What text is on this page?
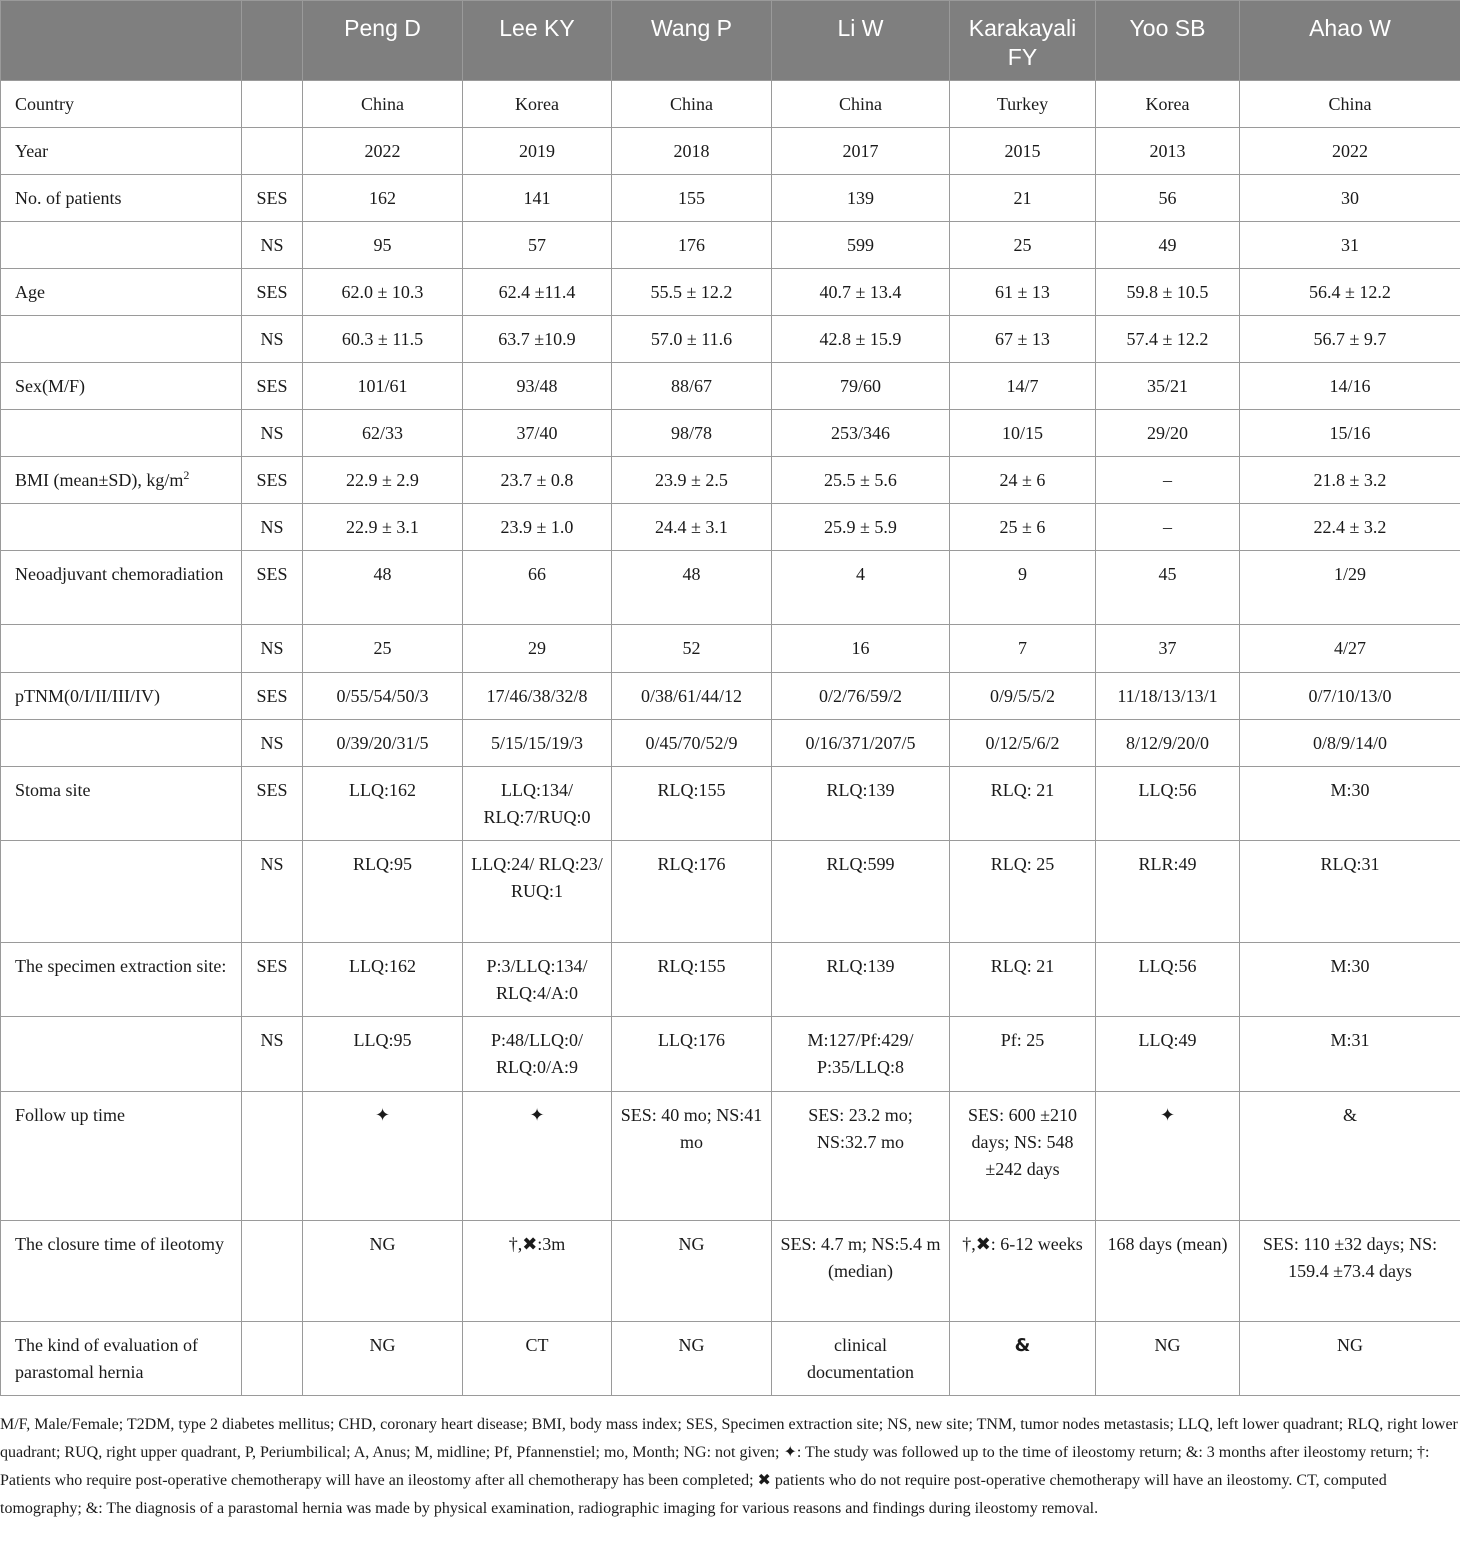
		Peng D	Lee KY	Wang P	Li W	Karakayali FY	Yoo SB	Ahao W
Country		China	Korea	China	China	Turkey	Korea	China
Year		2022	2019	2018	2017	2015	2013	2022
No. of patients	SES	162	141	155	139	21	56	30
	NS	95	57	176	599	25	49	31
Age	SES	62.0 ± 10.3	62.4 ±11.4	55.5 ± 12.2	40.7 ± 13.4	61 ± 13	59.8 ± 10.5	56.4 ± 12.2
	NS	60.3 ± 11.5	63.7 ±10.9	57.0 ± 11.6	42.8 ± 15.9	67 ± 13	57.4 ± 12.2	56.7 ± 9.7
Sex(M/F)	SES	101/61	93/48	88/67	79/60	14/7	35/21	14/16
	NS	62/33	37/40	98/78	253/346	10/15	29/20	15/16
BMI (mean±SD), $kg/m^2$	SES	22.9 ± 2.9	23.7 ± 0.8	23.9 ± 2.5	25.5 ± 5.6	24 ± 6	–	21.8 ± 3.2
	NS	22.9 ± 3.1	23.9 ± 1.0	24.4 ± 3.1	25.9 ± 5.9	25 ± 6	–	22.4 ± 3.2
Neoadjuvant chemoradiation	SES	48	66	48	4	9	45	1/29
	NS	25	29	52	16	7	37	4/27
pTNM(0/I/II/III/IV)	SES	0/55/54/50/3	17/46/38/32/8	0/38/61/44/12	0/2/76/59/2	0/9/5/5/2	11/18/13/13/1	0/7/10/13/0
	NS	0/39/20/31/5	5/15/15/19/3	0/45/70/52/9	0/16/371/207/5	0/12/5/6/2	8/12/9/20/0	0/8/9/14/0
Stoma site	SES	LLQ:162	LLQ:134/ RLQ:7/RUQ:0	RLQ:155	RLQ:139	RLQ: 21	LLQ:56	M:30
	NS	RLQ:95	LLQ:24/ RLQ:23/ RUQ:1	RLQ:176	RLQ:599	RLQ: 25	RLR:49	RLQ:31
The specimen extraction site:	SES	LLQ:162	P:3/LLQ:134/ RLQ:4/A:0	RLQ:155	RLQ:139	RLQ: 21	LLQ:56	M:30
	NS	LLQ:95	P:48/LLQ:0/ RLQ:0/A:9	LLQ:176	M:127/Pf:429/ P:35/LLQ:8	Pf: 25	LLQ:49	M:31
Follow up time		✦	✦	SES: 40 mo; NS:41 mo	SES: 23.2 mo; NS:32.7 mo	SES: 600 ±210 days; NS: 548 ±242 days	✦	&
The closure time of ileotomy		NG	†,✖:3m	NG	SES: 4.7 m; NS:5.4 m (median)	†,✖: 6-12 weeks	168 days (mean)	SES: 110 ±32 days; NS: 159.4 ±73.4 days
The kind of evaluation of parastomal hernia		NG	CT	NG	clinical documentation	&	NG	NG

M/F, Male/Female; T2DM, type 2 diabetes mellitus; CHD, coronary heart disease; BMI, body mass index; SES, Specimen extraction site; NS, new site; TNM, tumor nodes metastasis; LLQ, left lower quadrant; RLQ, right lower quadrant; RUQ, right upper quadrant, P, Periumbilical; A, Anus; M, midline; Pf, Pfannenstiel; mo, Month; NG: not given; ✦: The study was followed up to the time of ileostomy return; &: 3 months after ileostomy return; †: Patients who require post-operative chemotherapy will have an ileostomy after all chemotherapy has been completed; ✖ patients who do not require post-operative chemotherapy will have an ileostomy. CT, computed tomography; &: The diagnosis of a parastomal hernia was made by physical examination, radiographic imaging for various reasons and findings during ileostomy removal.
